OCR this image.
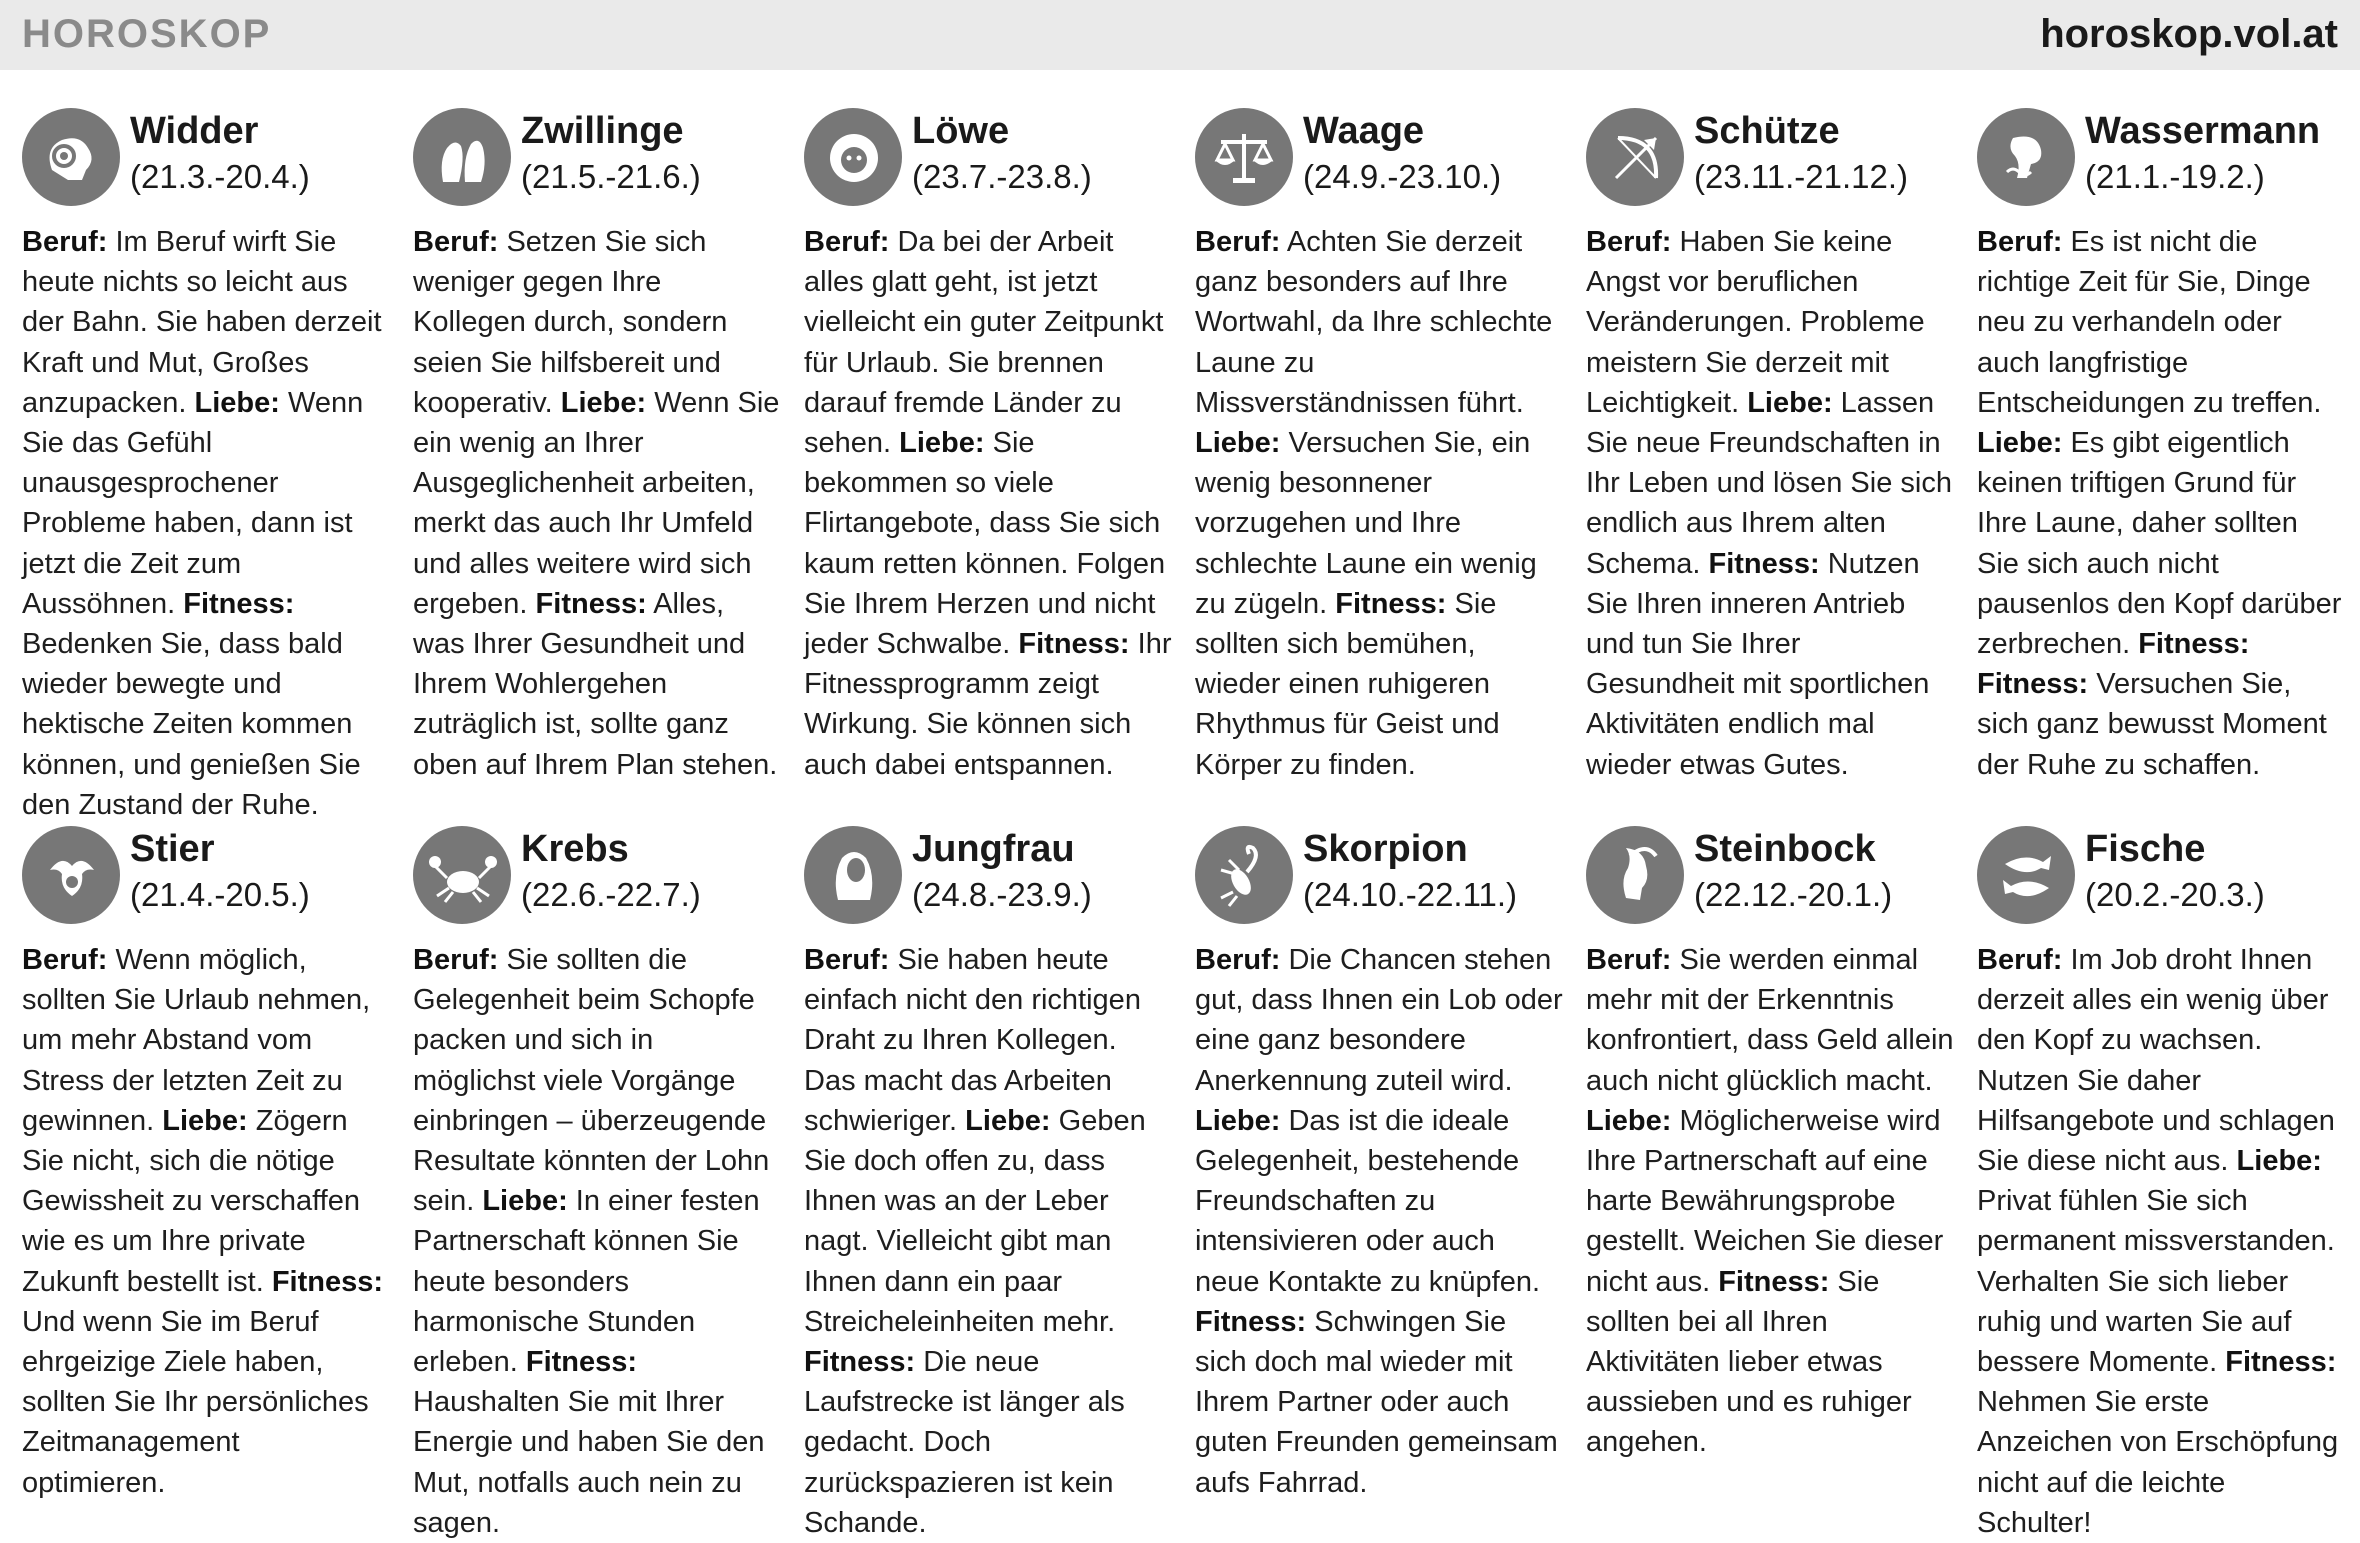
HOROSKOP	horoskop.vol.at
Widder
(21.3.-20.4.)
Beruf: Im Beruf wirft Sie heute nichts so leicht aus der Bahn. Sie haben derzeit Kraft und Mut, Großes anzupacken. Liebe: Wenn Sie das Gefühl unausgesprochener Probleme haben, dann ist jetzt die Zeit zum Aussöhnen. Fitness: Bedenken Sie, dass bald wieder bewegte und hektische Zeiten kommen können, und genießen Sie den Zustand der Ruhe.
Zwillinge
(21.5.-21.6.)
Beruf: Setzen Sie sich weniger gegen Ihre Kollegen durch, sondern seien Sie hilfsbereit und kooperativ. Liebe: Wenn Sie ein wenig an Ihrer Ausgeglichenheit arbeiten, merkt das auch Ihr Umfeld und alles weitere wird sich ergeben. Fitness: Alles, was Ihrer Gesundheit und Ihrem Wohlergehen zuträglich ist, sollte ganz oben auf Ihrem Plan stehen.
Löwe
(23.7.-23.8.)
Beruf: Da bei der Arbeit alles glatt geht, ist jetzt vielleicht ein guter Zeitpunkt für Urlaub. Sie brennen darauf fremde Länder zu sehen. Liebe: Sie bekommen so viele Flirtangebote, dass Sie sich kaum retten können. Folgen Sie Ihrem Herzen und nicht jeder Schwalbe. Fitness: Ihr Fitnessprogramm zeigt Wirkung. Sie können sich auch dabei entspannen.
Waage
(24.9.-23.10.)
Beruf: Achten Sie derzeit ganz besonders auf Ihre Wortwahl, da Ihre schlechte Laune zu Missverständnissen führt. Liebe: Versuchen Sie, ein wenig besonnener vorzugehen und Ihre schlechte Laune ein wenig zu zügeln. Fitness: Sie sollten sich bemühen, wieder einen ruhigeren Rhythmus für Geist und Körper zu finden.
Schütze
(23.11.-21.12.)
Beruf: Haben Sie keine Angst vor beruflichen Veränderungen. Probleme meistern Sie derzeit mit Leichtigkeit. Liebe: Lassen Sie neue Freundschaften in Ihr Leben und lösen Sie sich endlich aus Ihrem alten Schema. Fitness: Nutzen Sie Ihren inneren Antrieb und tun Sie Ihrer Gesundheit mit sportlichen Aktivitäten endlich mal wieder etwas Gutes.
Wassermann
(21.1.-19.2.)
Beruf: Es ist nicht die richtige Zeit für Sie, Dinge neu zu verhandeln oder auch langfristige Entscheidungen zu treffen. Liebe: Es gibt eigentlich keinen triftigen Grund für Ihre Laune, daher sollten Sie sich auch nicht pausenlos den Kopf darüber zerbrechen. Fitness: Fitness: Versuchen Sie, sich ganz bewusst Moment der Ruhe zu schaffen.
Stier
(21.4.-20.5.)
Beruf: Wenn möglich, sollten Sie Urlaub nehmen, um mehr Abstand vom Stress der letzten Zeit zu gewinnen. Liebe: Zögern Sie nicht, sich die nötige Gewissheit zu verschaffen wie es um Ihre private Zukunft bestellt ist. Fitness: Und wenn Sie im Beruf ehrgeizige Ziele haben, sollten Sie Ihr persönliches Zeitmanagement optimieren.
Krebs
(22.6.-22.7.)
Beruf: Sie sollten die Gelegenheit beim Schopfe packen und sich in möglichst viele Vorgänge einbringen – überzeugende Resultate könnten der Lohn sein. Liebe: In einer festen Partnerschaft können Sie heute besonders harmonische Stunden erleben. Fitness: Haushalten Sie mit Ihrer Energie und haben Sie den Mut, notfalls auch nein zu sagen.
Jungfrau
(24.8.-23.9.)
Beruf: Sie haben heute einfach nicht den richtigen Draht zu Ihren Kollegen. Das macht das Arbeiten schwieriger. Liebe: Geben Sie doch offen zu, dass Ihnen was an der Leber nagt. Vielleicht gibt man Ihnen dann ein paar Streicheleinheiten mehr. Fitness: Die neue Laufstrecke ist länger als gedacht. Doch zurückspazieren ist kein Schande.
Skorpion
(24.10.-22.11.)
Beruf: Die Chancen stehen gut, dass Ihnen ein Lob oder eine ganz besondere Anerkennung zuteil wird. Liebe: Das ist die ideale Gelegenheit, bestehende Freundschaften zu intensivieren oder auch neue Kontakte zu knüpfen. Fitness: Schwingen Sie sich doch mal wieder mit Ihrem Partner oder auch guten Freunden gemeinsam aufs Fahrrad.
Steinbock
(22.12.-20.1.)
Beruf: Sie werden einmal mehr mit der Erkenntnis konfrontiert, dass Geld allein auch nicht glücklich macht. Liebe: Möglicherweise wird Ihre Partnerschaft auf eine harte Bewährungsprobe gestellt. Weichen Sie dieser nicht aus. Fitness: Sie sollten bei all Ihren Aktivitäten lieber etwas aussieben und es ruhiger angehen.
Fische
(20.2.-20.3.)
Beruf: Im Job droht Ihnen derzeit alles ein wenig über den Kopf zu wachsen. Nutzen Sie daher Hilfsangebote und schlagen Sie diese nicht aus. Liebe: Privat fühlen Sie sich permanent missverstanden. Verhalten Sie sich lieber ruhig und warten Sie auf bessere Momente. Fitness: Nehmen Sie erste Anzeichen von Erschöpfung nicht auf die leichte Schulter!
